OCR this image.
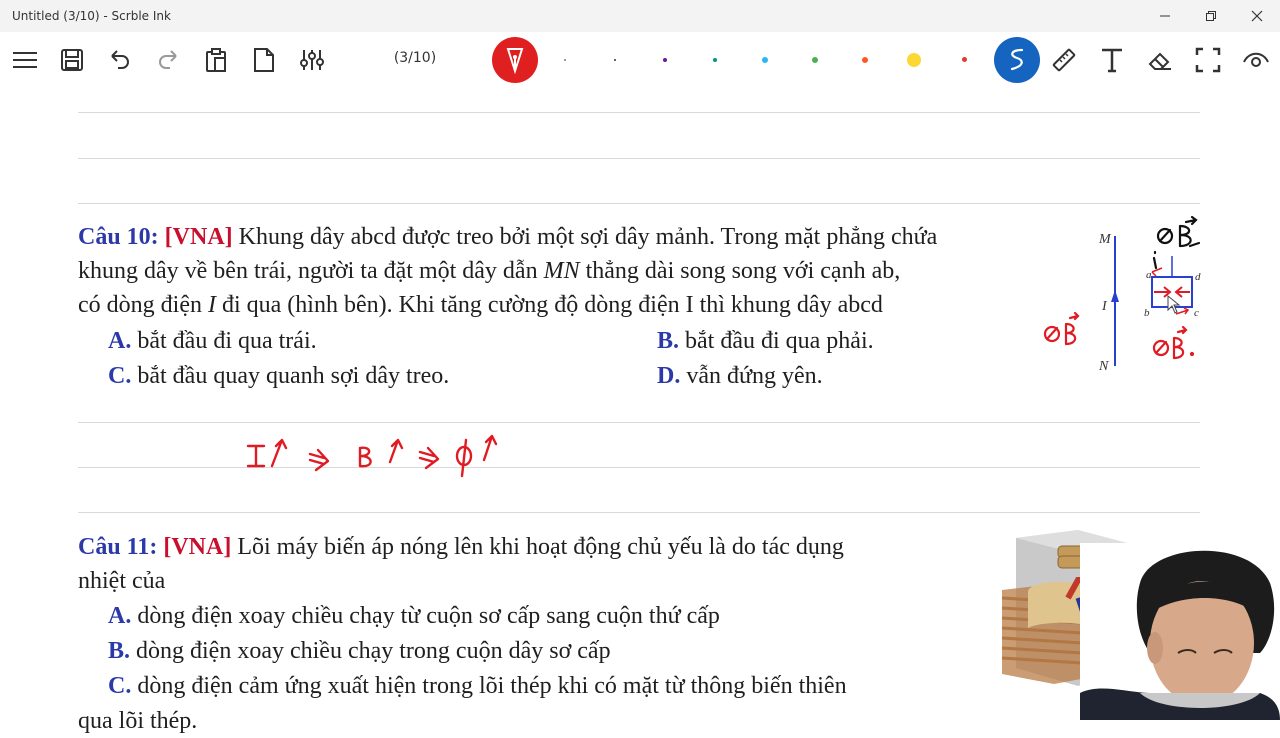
Untitled (3/10) - Scrble Ink
(3/10)
Câu 10: [VNA] Khung dây abcd được treo bởi một sợi dây mảnh. Trong mặt phẳng chứa
khung dây về bên trái, người ta đặt một dây dẫn MN thẳng dài song song với cạnh ab,
có dòng điện I đi qua (hình bên). Khi tăng cường độ dòng điện I thì khung dây abcd
A. bắt đầu đi qua trái.	B. bắt đầu đi qua phải.
C. bắt đầu quay quanh sợi dây treo.	D. vẫn đứng yên.
M
I
N
a
b	c
d
Câu 11: [VNA] Lõi máy biến áp nóng lên khi hoạt động chủ yếu là do tác dụng
nhiệt của
A. dòng điện xoay chiều chạy từ cuộn sơ cấp sang cuộn thứ cấp
B. dòng điện xoay chiều chạy trong cuộn dây sơ cấp
C. dòng điện cảm ứng xuất hiện trong lõi thép khi có mặt từ thông biến thiên
qua lõi thép.
